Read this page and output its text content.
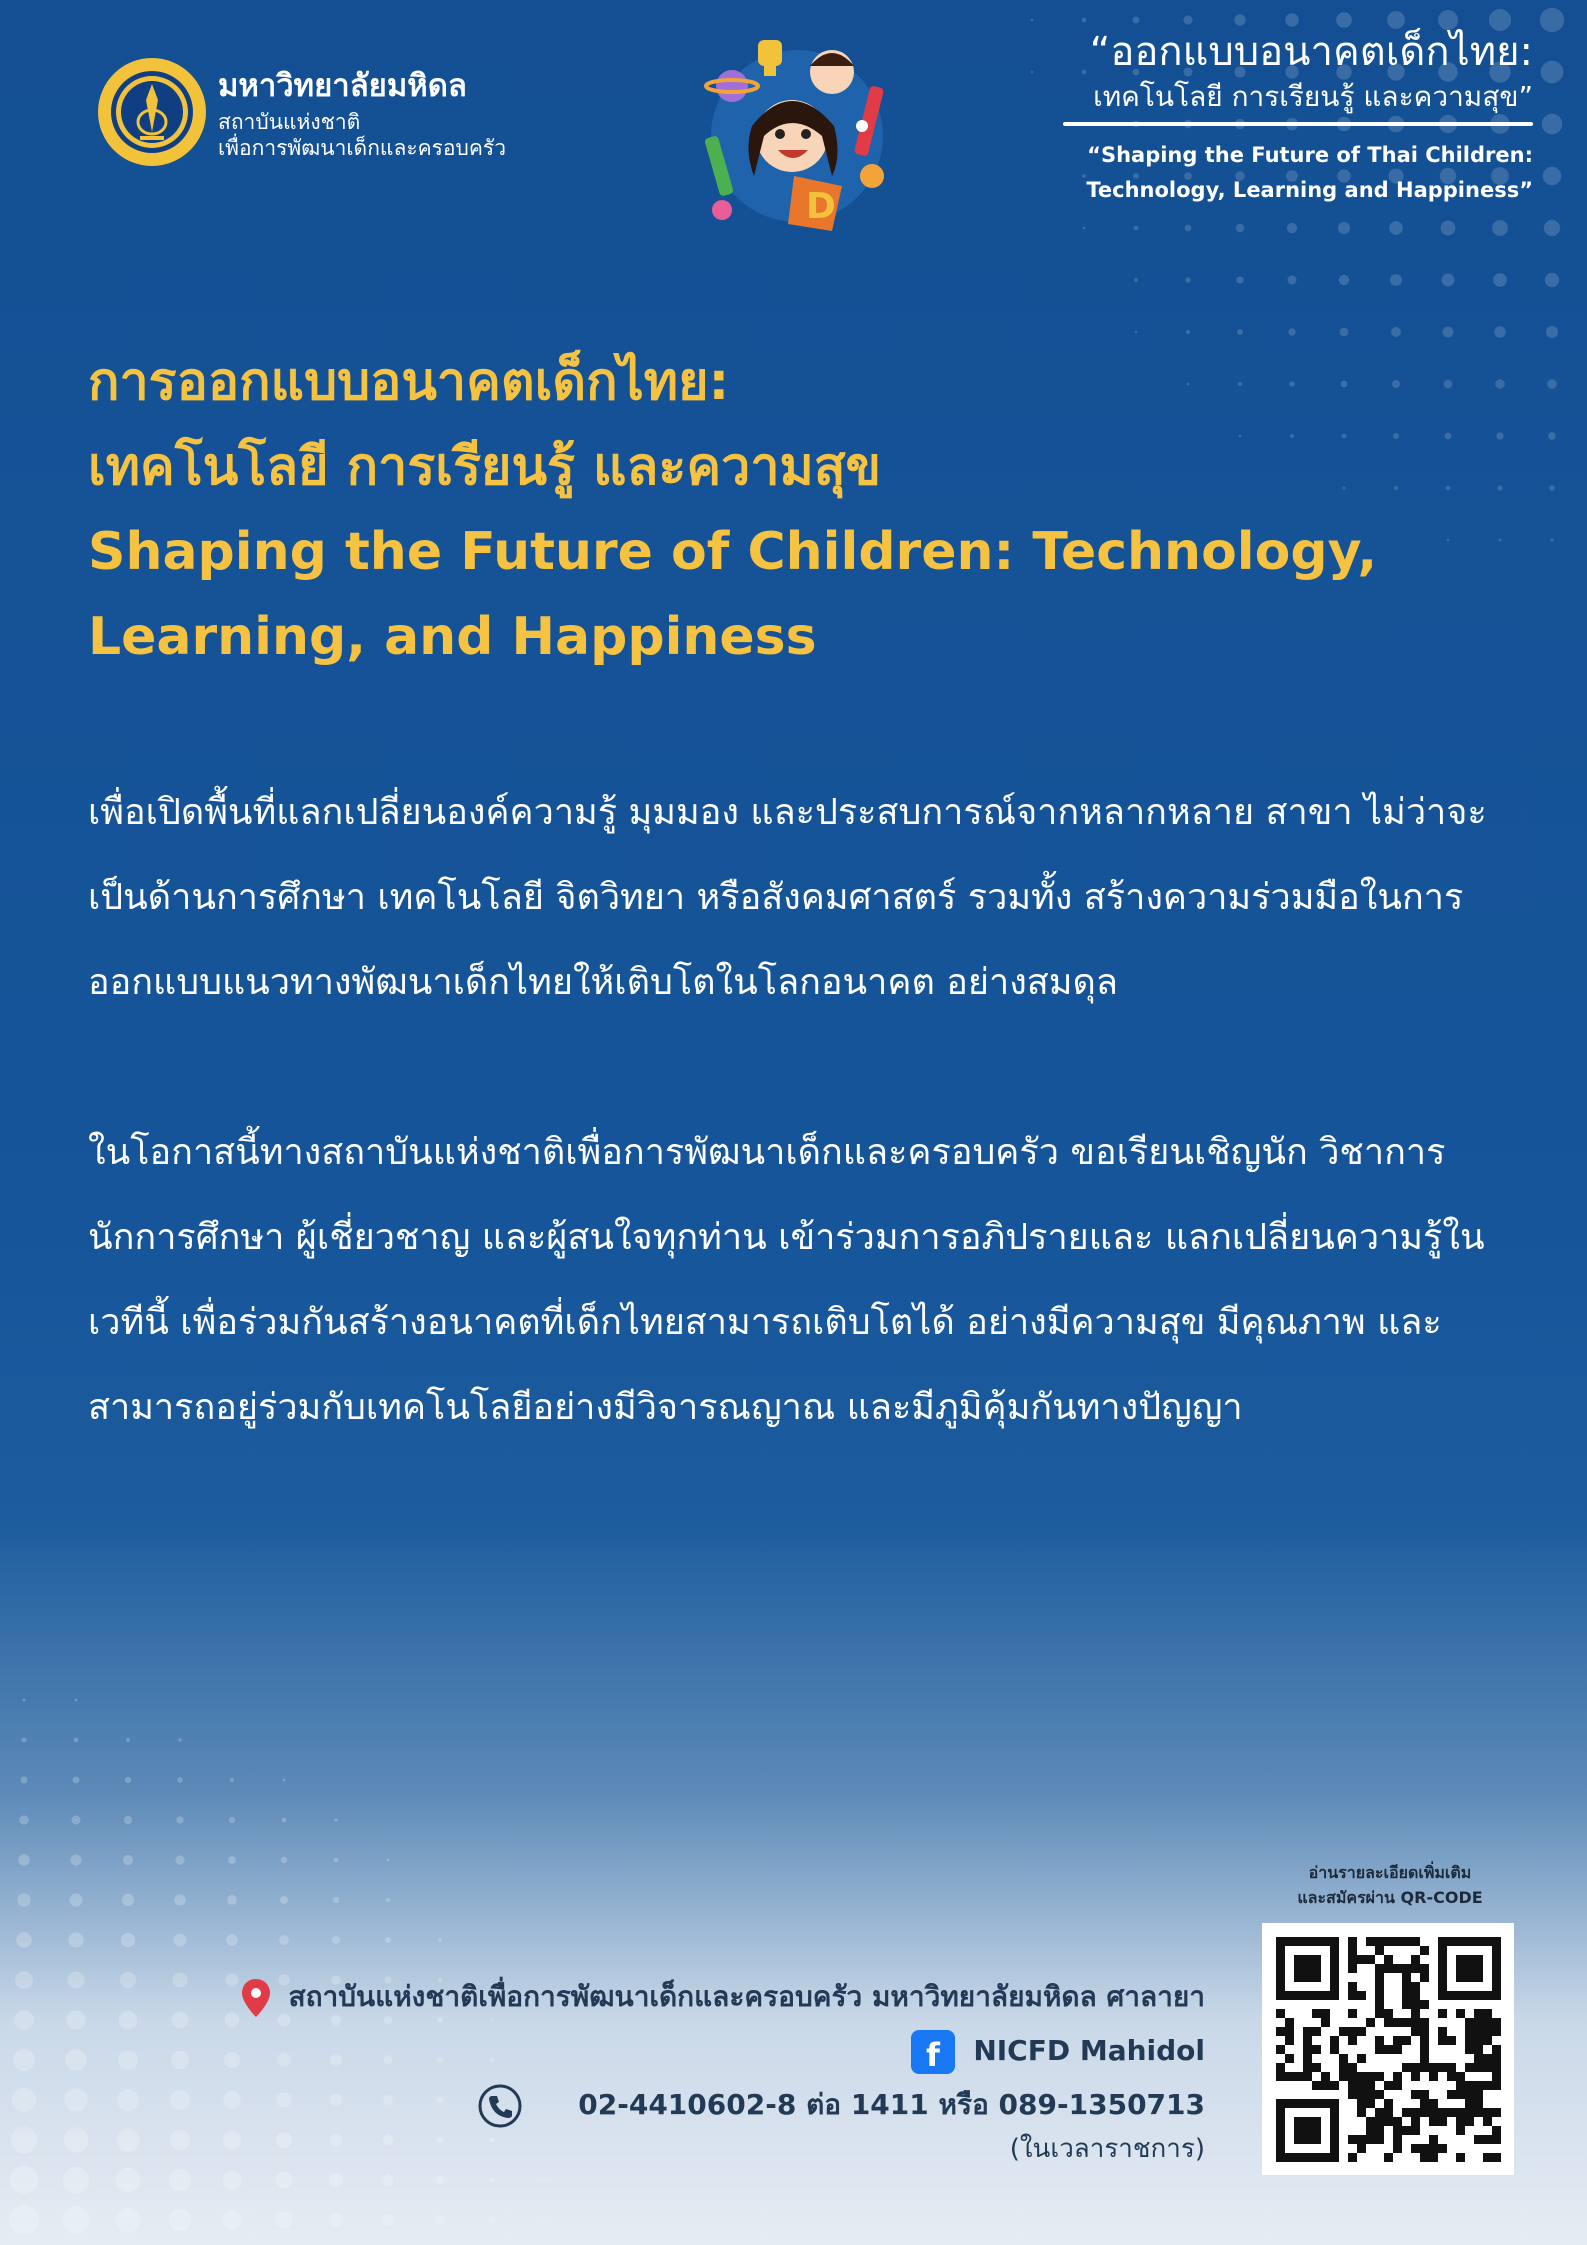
มหาวิทยาลัยมหิดล
สถาบันแห่งชาติ
เพื่อการพัฒนาเด็กและครอบครัว
D
“ออกแบบอนาคตเด็กไทย:
เทคโนโลยี การเรียนรู้ และความสุข”
“Shaping the Future of Thai Children:
Technology, Learning and Happiness”
การออกแบบอนาคตเด็กไทย:
เทคโนโลยี การเรียนรู้ และความสุข
Shaping the Future of Children: Technology, Learning, and Happiness

เพื่อเปิดพื้นที่แลกเปลี่ยนองค์ความรู้ มุมมอง และประสบการณ์จากหลากหลาย สาขา ไม่ว่าจะเป็นด้านการศึกษา เทคโนโลยี จิตวิทยา หรือสังคมศาสตร์ รวมทั้ง สร้างความร่วมมือในการออกแบบแนวทางพัฒนาเด็กไทยให้เติบโตในโลกอนาคต อย่างสมดุล

ในโอกาสนี้ทางสถาบันแห่งชาติเพื่อการพัฒนาเด็กและครอบครัว ขอเรียนเชิญนัก วิชาการ นักการศึกษา ผู้เชี่ยวชาญ และผู้สนใจทุกท่าน เข้าร่วมการอภิปรายและ แลกเปลี่ยนความรู้ในเวทีนี้ เพื่อร่วมกันสร้างอนาคตที่เด็กไทยสามารถเติบโตได้ อย่างมีความสุข มีคุณภาพ และสามารถอยู่ร่วมกับเทคโนโลยีอย่างมีวิจารณญาณ และมีภูมิคุ้มกันทางปัญญา

สถาบันแห่งชาติเพื่อการพัฒนาเด็กและครอบครัว มหาวิทยาลัยมหิดล ศาลายา
f NICFD Mahidol
02-4410602-8 ต่อ 1411 หรือ 089-1350713
(ในเวลาราชการ)
อ่านรายละเอียดเพิ่มเติม
และสมัครผ่าน QR-CODE
